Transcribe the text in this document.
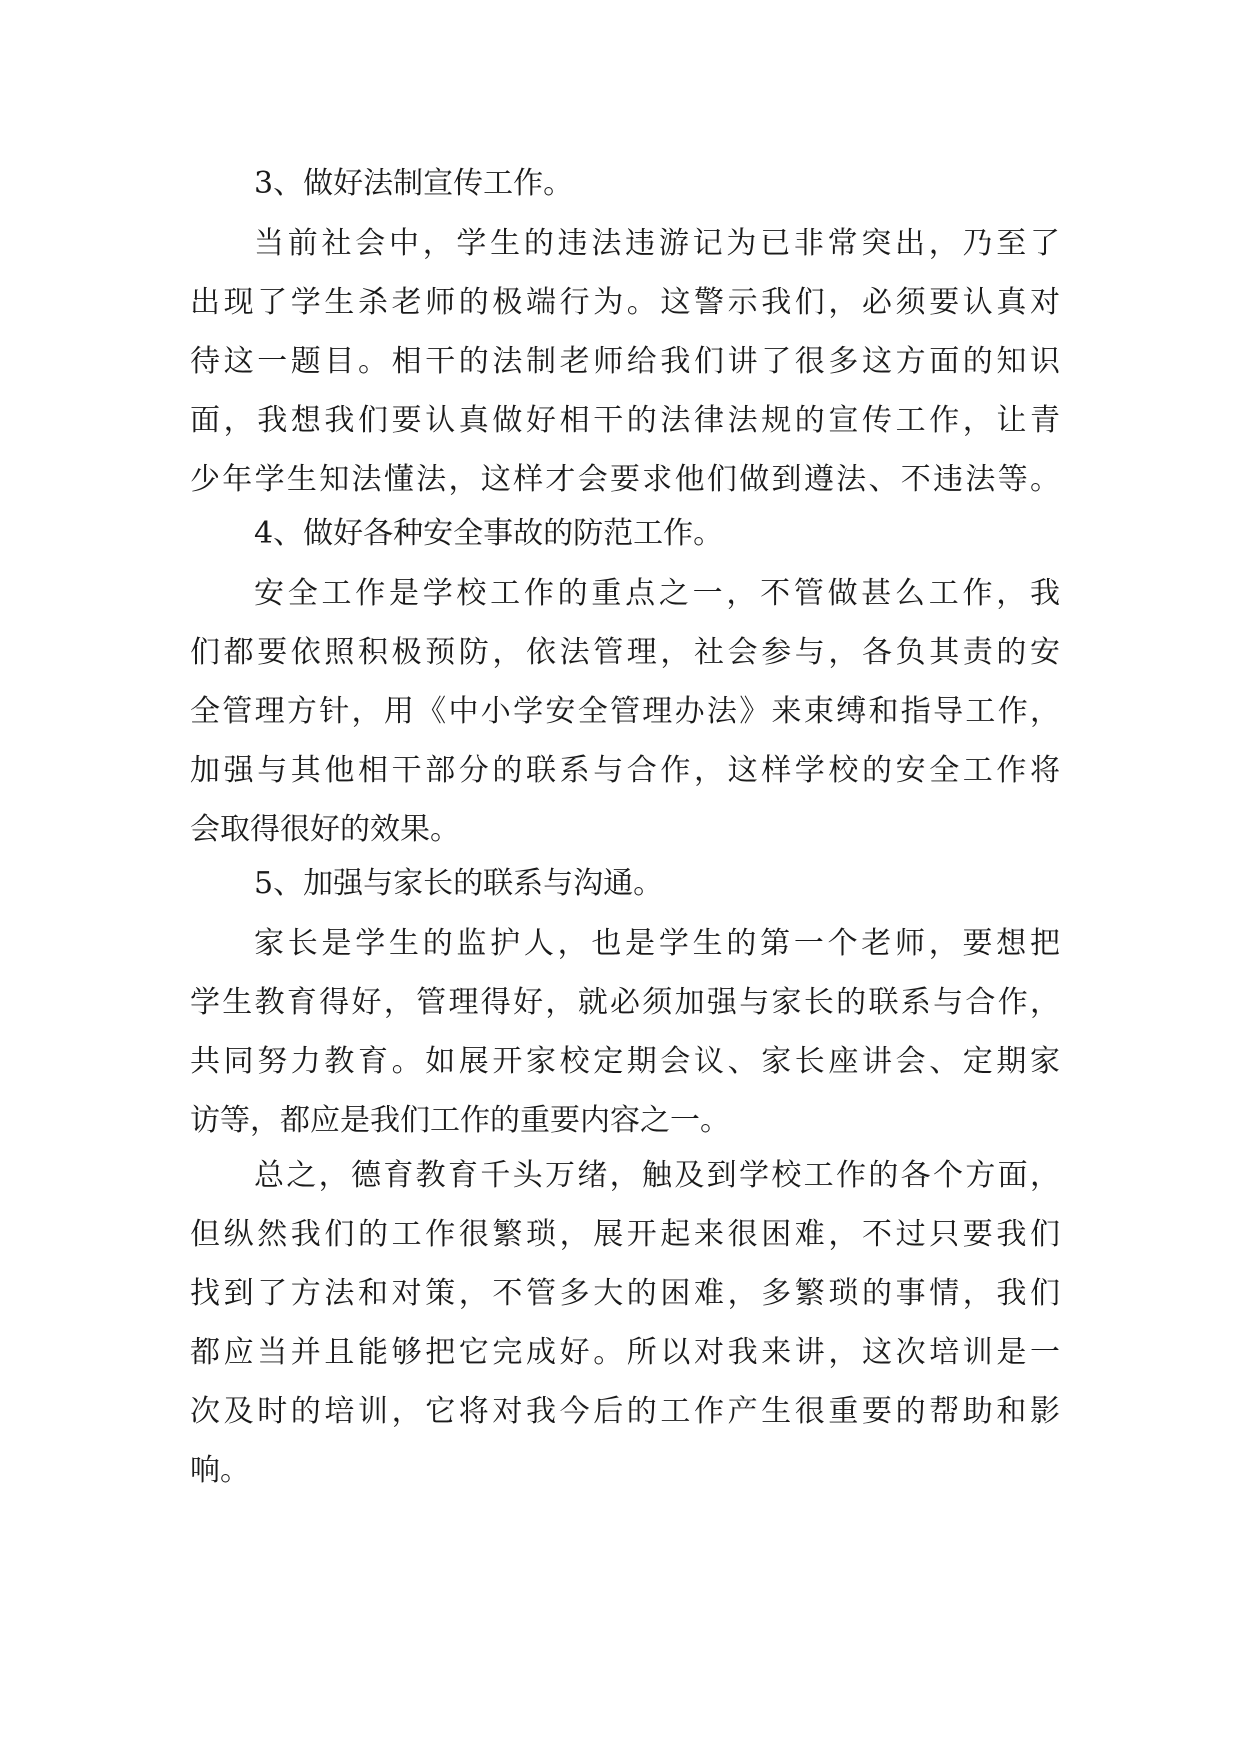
3、做好法制宣传工作。
当前社会中，学生的违法违游记为已非常突出，乃至了
出现了学生杀老师的极端行为。这警示我们，必须要认真对
待这一题目。相干的法制老师给我们讲了很多这方面的知识
面，我想我们要认真做好相干的法律法规的宣传工作，让青
少年学生知法懂法，这样才会要求他们做到遵法、不违法等。
4、做好各种安全事故的防范工作。
安全工作是学校工作的重点之一，不管做甚么工作，我
们都要依照积极预防，依法管理，社会参与，各负其责的安
全管理方针，用《中小学安全管理办法》来束缚和指导工作，
加强与其他相干部分的联系与合作，这样学校的安全工作将
会取得很好的效果。
5、加强与家长的联系与沟通。
家长是学生的监护人，也是学生的第一个老师，要想把
学生教育得好，管理得好，就必须加强与家长的联系与合作，
共同努力教育。如展开家校定期会议、家长座讲会、定期家
访等，都应是我们工作的重要内容之一。
总之，德育教育千头万绪，触及到学校工作的各个方面，
但纵然我们的工作很繁琐，展开起来很困难，不过只要我们
找到了方法和对策，不管多大的困难，多繁琐的事情，我们
都应当并且能够把它完成好。所以对我来讲，这次培训是一
次及时的培训，它将对我今后的工作产生很重要的帮助和影
响。
